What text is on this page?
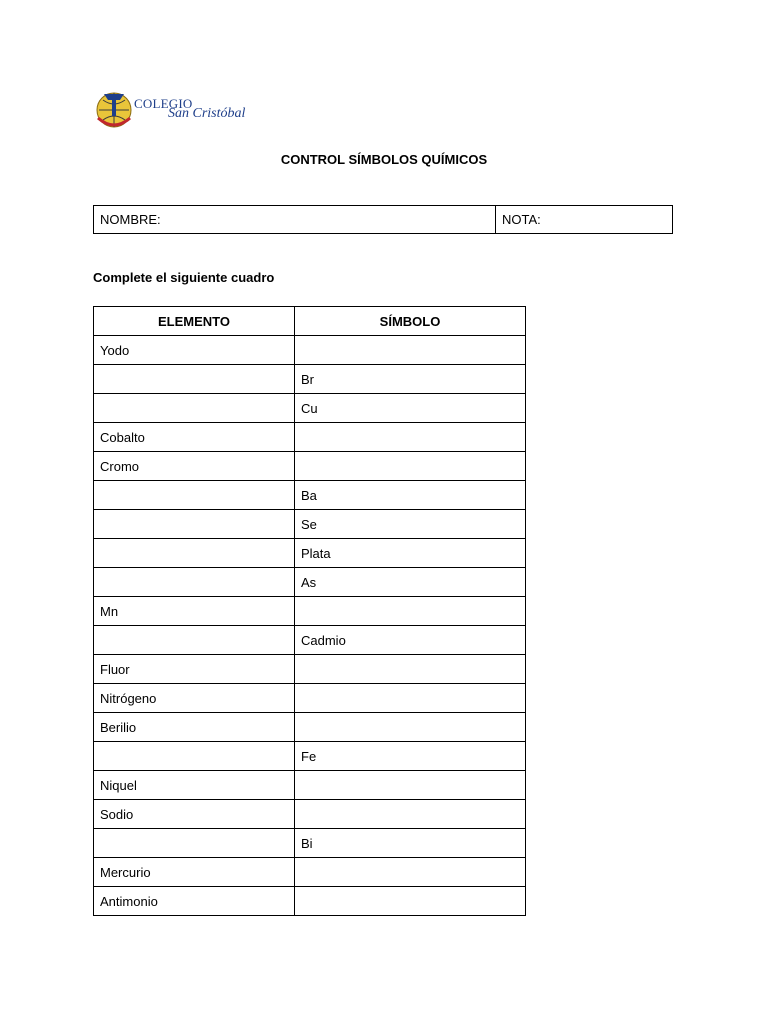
COLEGIO
San Cristóbal
CONTROL SÍMBOLOS QUÍMICOS
NOMBRE:	NOTA:
Complete el siguiente cuadro
ELEMENTO	SÍMBOLO
Yodo	
	Br
	Cu
Cobalto	
Cromo	
	Ba
	Se
	Plata
	As
Mn	
	Cadmio
Fluor	
Nitrógeno	
Berilio	
	Fe
Niquel	
Sodio	
	Bi
Mercurio	
Antimonio	
